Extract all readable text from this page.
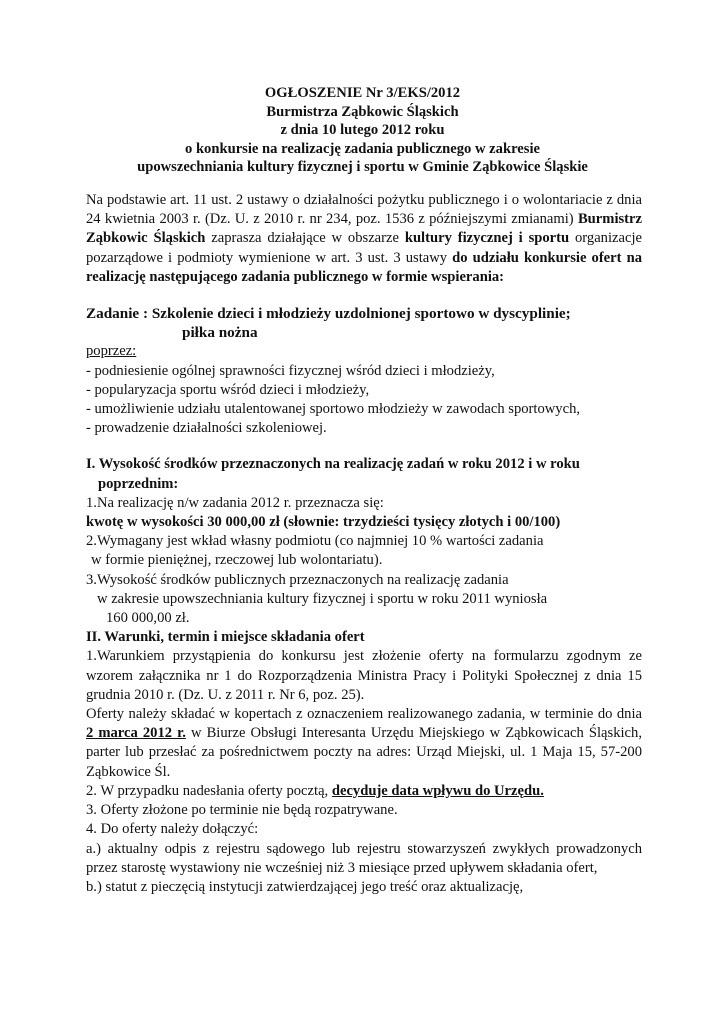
OGŁOSZENIE Nr 3/EKS/2012
Burmistrza Ząbkowic Śląskich
z dnia 10 lutego 2012 roku
o konkursie na realizację zadania publicznego w zakresie
upowszechniania kultury fizycznej i sportu w Gminie Ząbkowice Śląskie

Na podstawie art. 11 ust. 2 ustawy o działalności pożytku publicznego i o wolontariacie z dnia 24 kwietnia 2003 r. (Dz. U. z 2010 r. nr 234, poz. 1536 z późniejszymi zmianami) Burmistrz Ząbkowic Śląskich zaprasza działające w obszarze kultury fizycznej i sportu organizacje pozarządowe i podmioty wymienione w art. 3 ust. 3 ustawy do udziału konkursie ofert na realizację następującego zadania publicznego w formie wspierania:

Zadanie : Szkolenie dzieci i młodzieży uzdolnionej sportowo w dyscyplinie;

piłka nożna

poprzez:

- podniesienie ogólnej sprawności fizycznej wśród dzieci i młodzieży,

- popularyzacja sportu wśród dzieci i młodzieży,

- umożliwienie udziału utalentowanej sportowo młodzieży w zawodach sportowych,

- prowadzenie działalności szkoleniowej.

I. Wysokość środków przeznaczonych na realizację zadań w roku 2012 i w roku
poprzednim:

1.Na realizację n/w zadania 2012 r. przeznacza się:

kwotę w wysokości 30 000,00 zł (słownie: trzydzieści tysięcy złotych i 00/100)

2.Wymagany jest wkład własny podmiotu (co najmniej 10 % wartości zadania

w formie pieniężnej, rzeczowej lub wolontariatu).

3.Wysokość środków publicznych przeznaczonych na realizację zadania

w zakresie upowszechniania kultury fizycznej i sportu w roku 2011 wyniosła

160 000,00 zł.

II. Warunki, termin i miejsce składania ofert

1.Warunkiem przystąpienia do konkursu jest złożenie oferty na formularzu zgodnym ze wzorem załącznika nr 1 do Rozporządzenia Ministra Pracy i Polityki Społecznej z dnia 15 grudnia 2010 r. (Dz. U. z 2011 r. Nr 6, poz. 25).

Oferty należy składać w kopertach z oznaczeniem realizowanego zadania, w terminie do dnia 2 marca 2012 r. w Biurze Obsługi Interesanta Urzędu Miejskiego w Ząbkowicach Śląskich, parter lub przesłać za pośrednictwem poczty na adres: Urząd Miejski, ul. 1 Maja 15, 57-200 Ząbkowice Śl.

2. W przypadku nadesłania oferty pocztą, decyduje data wpływu do Urzędu.

3. Oferty złożone po terminie nie będą rozpatrywane.

4. Do oferty należy dołączyć:

a.) aktualny odpis z rejestru sądowego lub rejestru stowarzyszeń zwykłych prowadzonych przez starostę wystawiony nie wcześniej niż 3 miesiące przed upływem składania ofert,

b.) statut z pieczęcią instytucji zatwierdzającej jego treść oraz aktualizację,
